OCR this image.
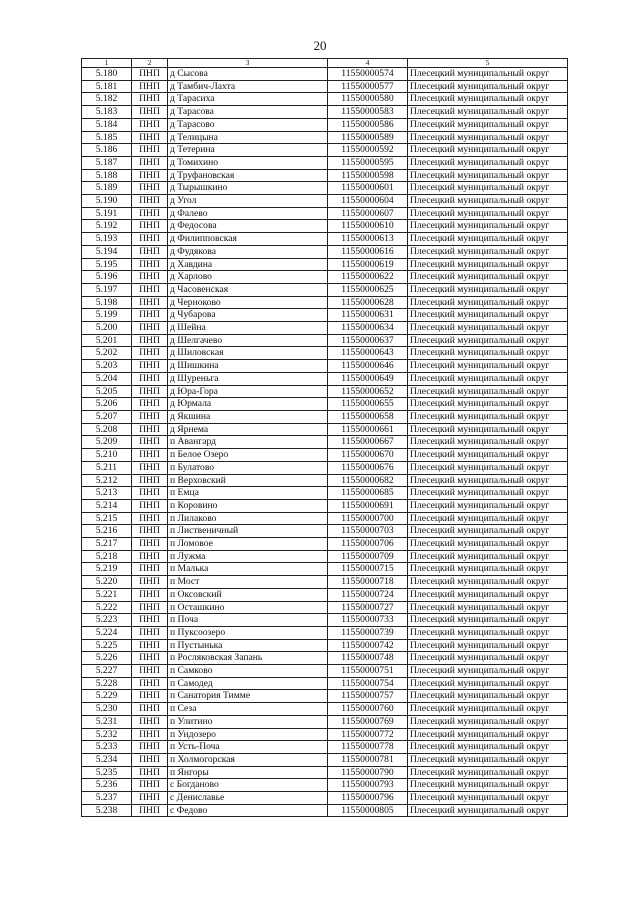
20
1	2	3	4	5
5.180	ПНП	д Сысова	11550000574	Плесецкий муниципальный округ
5.181	ПНП	д Тамбич-Лахта	11550000577	Плесецкий муниципальный округ
5.182	ПНП	д Тарасиха	11550000580	Плесецкий муниципальный округ
5.183	ПНП	д Тарасова	11550000583	Плесецкий муниципальный округ
5.184	ПНП	д Тарасово	11550000586	Плесецкий муниципальный округ
5.185	ПНП	д Телицына	11550000589	Плесецкий муниципальный округ
5.186	ПНП	д Тетерина	11550000592	Плесецкий муниципальный округ
5.187	ПНП	д Томихино	11550000595	Плесецкий муниципальный округ
5.188	ПНП	д Труфановская	11550000598	Плесецкий муниципальный округ
5.189	ПНП	д Тырышкино	11550000601	Плесецкий муниципальный округ
5.190	ПНП	д Угол	11550000604	Плесецкий муниципальный округ
5.191	ПНП	д Фалево	11550000607	Плесецкий муниципальный округ
5.192	ПНП	д Федосова	11550000610	Плесецкий муниципальный округ
5.193	ПНП	д Филипповская	11550000613	Плесецкий муниципальный округ
5.194	ПНП	д Фудякова	11550000616	Плесецкий муниципальный округ
5.195	ПНП	д Хавдина	11550000619	Плесецкий муниципальный округ
5.196	ПНП	д Харлово	11550000622	Плесецкий муниципальный округ
5.197	ПНП	д Часовенская	11550000625	Плесецкий муниципальный округ
5.198	ПНП	д Черноково	11550000628	Плесецкий муниципальный округ
5.199	ПНП	д Чубарова	11550000631	Плесецкий муниципальный округ
5.200	ПНП	д Шейна	11550000634	Плесецкий муниципальный округ
5.201	ПНП	д Шелгачево	11550000637	Плесецкий муниципальный округ
5.202	ПНП	д Шиловская	11550000643	Плесецкий муниципальный округ
5.203	ПНП	д Шишкина	11550000646	Плесецкий муниципальный округ
5.204	ПНП	д Шуреньга	11550000649	Плесецкий муниципальный округ
5.205	ПНП	д Юра-Гора	11550000652	Плесецкий муниципальный округ
5.206	ПНП	д Юрмала	11550000655	Плесецкий муниципальный округ
5.207	ПНП	д Якшина	11550000658	Плесецкий муниципальный округ
5.208	ПНП	д Ярнема	11550000661	Плесецкий муниципальный округ
5.209	ПНП	п Авангард	11550000667	Плесецкий муниципальный округ
5.210	ПНП	п Белое Озеро	11550000670	Плесецкий муниципальный округ
5.211	ПНП	п Булатово	11550000676	Плесецкий муниципальный округ
5.212	ПНП	п Верховский	11550000682	Плесецкий муниципальный округ
5.213	ПНП	п Емца	11550000685	Плесецкий муниципальный округ
5.214	ПНП	п Коровино	11550000691	Плесецкий муниципальный округ
5.215	ПНП	п Лилаково	11550000700	Плесецкий муниципальный округ
5.216	ПНП	п Лиственичный	11550000703	Плесецкий муниципальный округ
5.217	ПНП	п Ломовое	11550000706	Плесецкий муниципальный округ
5.218	ПНП	п Лужма	11550000709	Плесецкий муниципальный округ
5.219	ПНП	п Малька	11550000715	Плесецкий муниципальный округ
5.220	ПНП	п Мост	11550000718	Плесецкий муниципальный округ
5.221	ПНП	п Оксовский	11550000724	Плесецкий муниципальный округ
5.222	ПНП	п Осташкино	11550000727	Плесецкий муниципальный округ
5.223	ПНП	п Поча	11550000733	Плесецкий муниципальный округ
5.224	ПНП	п Пуксоозеро	11550000739	Плесецкий муниципальный округ
5.225	ПНП	п Пустынька	11550000742	Плесецкий муниципальный округ
5.226	ПНП	п Росляковская Запань	11550000748	Плесецкий муниципальный округ
5.227	ПНП	п Самково	11550000751	Плесецкий муниципальный округ
5.228	ПНП	п Самодед	11550000754	Плесецкий муниципальный округ
5.229	ПНП	п Санатория Тимме	11550000757	Плесецкий муниципальный округ
5.230	ПНП	п Сеза	11550000760	Плесецкий муниципальный округ
5.231	ПНП	п Улитино	11550000769	Плесецкий муниципальный округ
5.232	ПНП	п Ундозеро	11550000772	Плесецкий муниципальный округ
5.233	ПНП	п Усть-Поча	11550000778	Плесецкий муниципальный округ
5.234	ПНП	п Холмогорская	11550000781	Плесецкий муниципальный округ
5.235	ПНП	п Янгоры	11550000790	Плесецкий муниципальный округ
5.236	ПНП	с Богданово	11550000793	Плесецкий муниципальный округ
5.237	ПНП	с Дениславье	11550000796	Плесецкий муниципальный округ
5.238	ПНП	с Федово	11550000805	Плесецкий муниципальный округ
